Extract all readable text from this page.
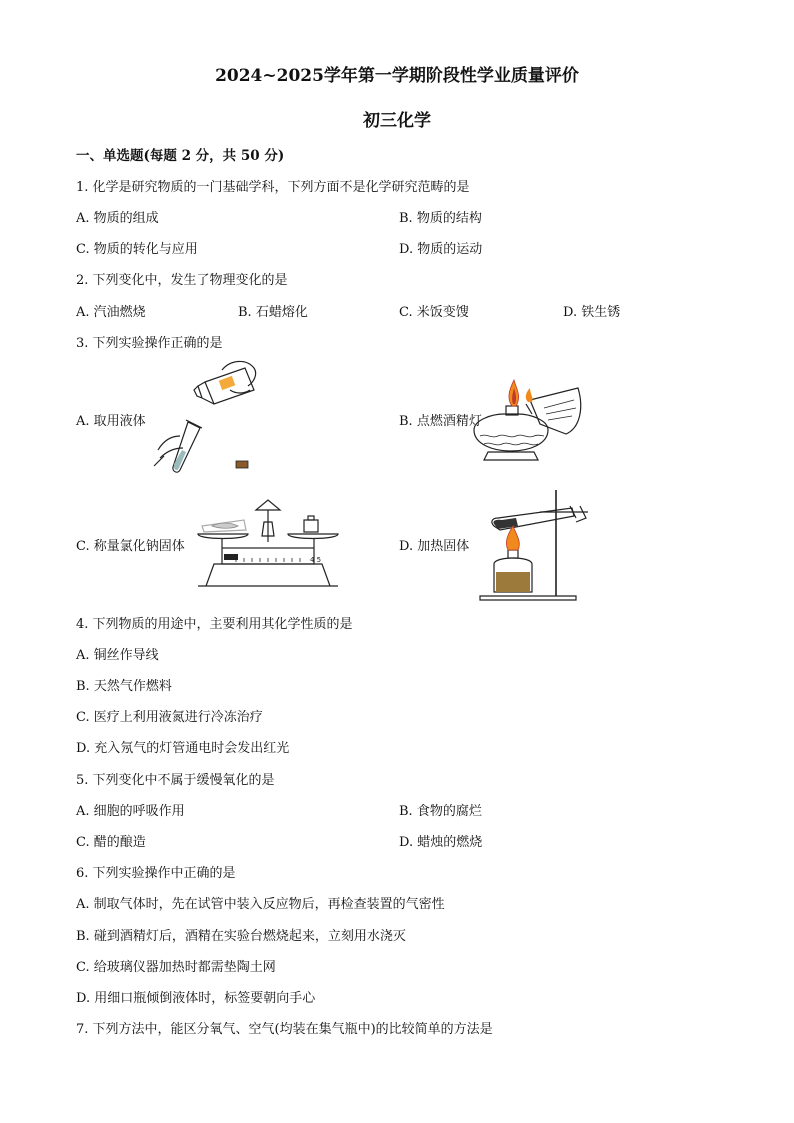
2024~2025学年第一学期阶段性学业质量评价
初三化学
一、单选题(每题 2 分，共 50 分)
1. 化学是研究物质的一门基础学科，下列方面不是化学研究范畴的是
A. 物质的组成	B. 物质的结构
C. 物质的转化与应用	D. 物质的运动
2. 下列变化中，发生了物理变化的是
A. 汽油燃烧	B. 石蜡熔化	C. 米饭变馊	D. 铁生锈
3. 下列实验操作正确的是
A. 取用液体	B. 点燃酒精灯
C. 称量氯化钠固体	D. 加热固体
4 5
4. 下列物质的用途中，主要利用其化学性质的是
A. 铜丝作导线
B. 天然气作燃料
C. 医疗上利用液氮进行冷冻治疗
D. 充入氖气的灯管通电时会发出红光
5. 下列变化中不属于缓慢氧化的是
A. 细胞的呼吸作用	B. 食物的腐烂
C. 醋的酿造	D. 蜡烛的燃烧
6. 下列实验操作中正确的是
A. 制取气体时，先在试管中装入反应物后，再检查装置的气密性
B. 碰到酒精灯后，酒精在实验台燃烧起来，立刻用水浇灭
C. 给玻璃仪器加热时都需垫陶土网
D. 用细口瓶倾倒液体时，标签要朝向手心
7. 下列方法中，能区分氧气、空气(均装在集气瓶中)的比较简单的方法是
